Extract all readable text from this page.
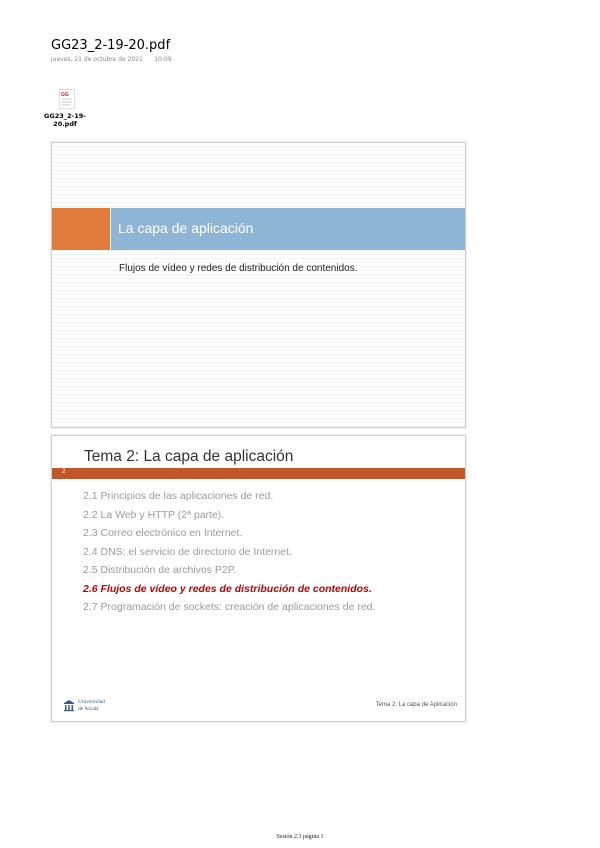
GG23_2-19-20.pdf
jueves, 21 de octubre de 2021 10:09
GG
GG23_2-19-20.pdf
La capa de aplicación
Flujos de vídeo y redes de distribución de contenidos.
Tema 2: La capa de aplicación
2
2.1 Principios de las aplicaciones de red.
2.2 La Web y HTTP (2ª parte).
2.3 Correo electrónico en Internet.
2.4 DNS: el servicio de directorio de Internet.
2.5 Distribución de archivos P2P.
2.6 Flujos de vídeo y redes de distribución de contenidos.
2.7 Programación de sockets: creación de aplicaciones de red.
Universidad
de Alcalá
Tema 2: La capa de Aplicación
Sesión 2.3 página 1
